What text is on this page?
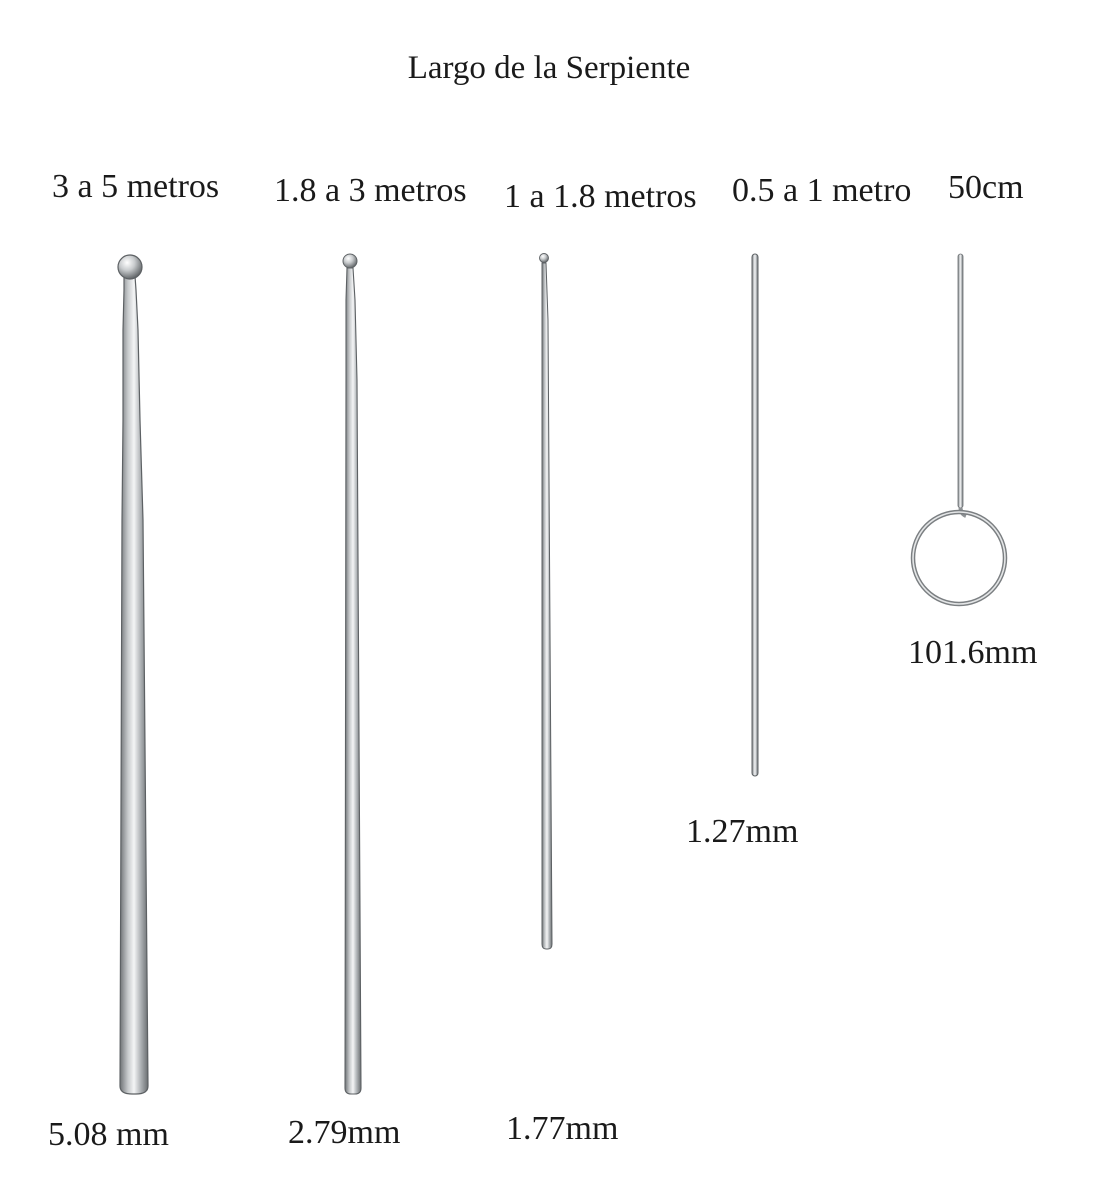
Largo de la Serpiente
3 a 5 metros 1.8 a 3 metros 1 a 1.8 metros 0.5 a 1 metro 50cm
5.08 mm	2.79mm	1.77mm
1.27mm
101.6mm
